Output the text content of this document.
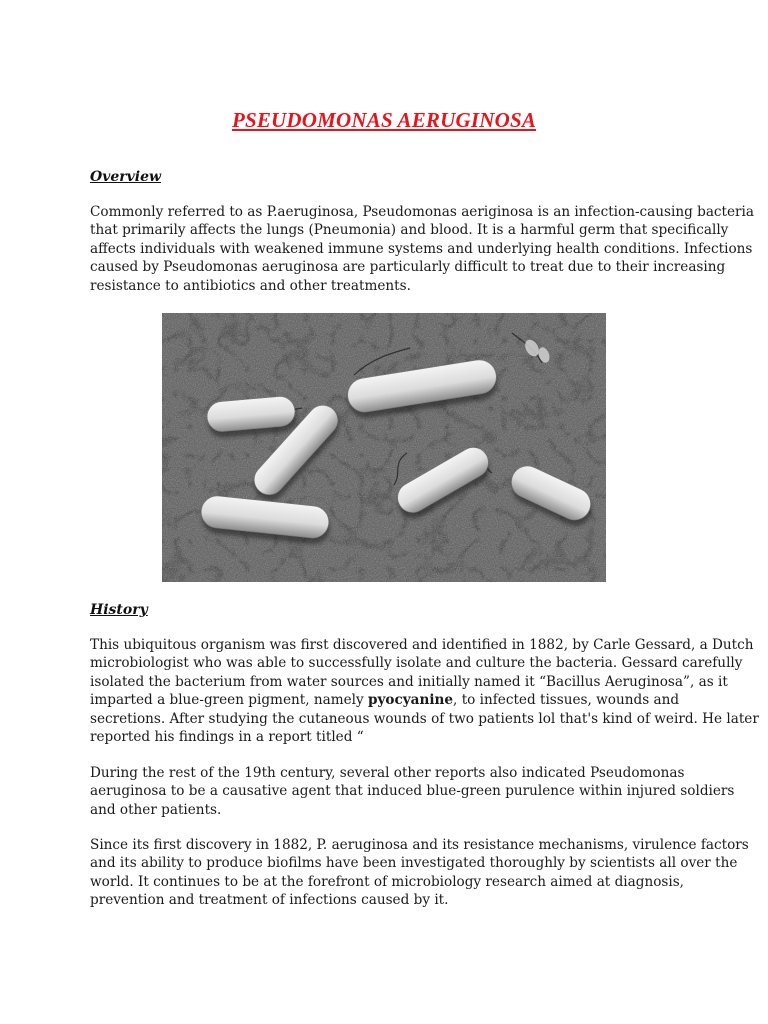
PSEUDOMONAS AERUGINOSA
Overview
Commonly referred to as P.aeruginosa, Pseudomonas aeriginosa is an infection-causing bacteria
that primarily affects the lungs (Pneumonia) and blood. It is a harmful germ that specifically
affects individuals with weakened immune systems and underlying health conditions. Infections
caused by Pseudomonas aeruginosa are particularly difficult to treat due to their increasing
resistance to antibiotics and other treatments.
History
This ubiquitous organism was first discovered and identified in 1882, by Carle Gessard, a Dutch
microbiologist who was able to successfully isolate and culture the bacteria. Gessard carefully
isolated the bacterium from water sources and initially named it “Bacillus Aeruginosa”, as it
imparted a blue-green pigment, namely pyocyanine, to infected tissues, wounds and
secretions. After studying the cutaneous wounds of two patients lol that's kind of weird. He later
reported his findings in a report titled “
During the rest of the 19th century, several other reports also indicated Pseudomonas
aeruginosa to be a causative agent that induced blue-green purulence within injured soldiers
and other patients.
Since its first discovery in 1882, P. aeruginosa and its resistance mechanisms, virulence factors
and its ability to produce biofilms have been investigated thoroughly by scientists all over the
world. It continues to be at the forefront of microbiology research aimed at diagnosis,
prevention and treatment of infections caused by it.
